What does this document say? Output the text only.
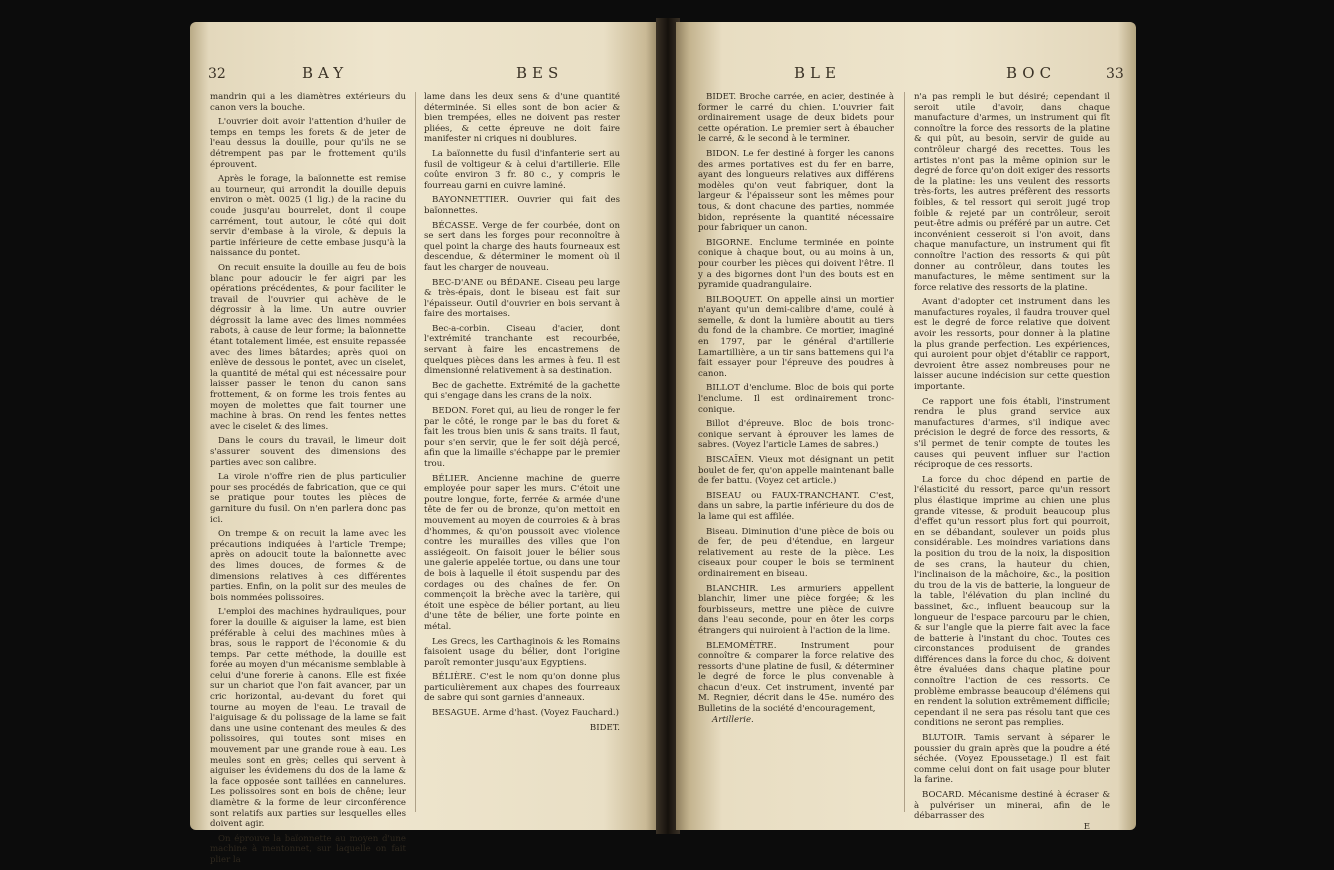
32	BAY	BES

mandrin qui a les diamètres extérieurs du canon vers la bouche.

L'ouvrier doit avoir l'attention d'huiler de temps en temps les forets & de jeter de l'eau dessus la douille, pour qu'ils ne se détrempent pas par le frottement qu'ils éprouvent.

Après le forage, la baïonnette est remise au tourneur, qui arrondit la douille depuis environ o mèt. 0025 (1 lig.) de la racine du coude jusqu'au bourrelet, dont il coupe carrément, tout autour, le côté qui doit servir d'embase à la virole, & depuis la partie inférieure de cette embase jusqu'à la naissance du pontet.

On recuit ensuite la douille au feu de bois blanc pour adoucir le fer aigri par les opérations précédentes, & pour faciliter le travail de l'ouvrier qui achève de le dégrossir à la lime. Un autre ouvrier dégrossit la lame avec des limes nommées rabots, à cause de leur forme; la baïonnette étant totalement limée, est ensuite repassée avec des limes bâtardes; après quoi on enlève de dessous le pontet, avec un ciselet, la quantité de métal qui est nécessaire pour laisser passer le tenon du canon sans frottement, & on forme les trois fentes au moyen de molettes que fait tourner une machine à bras. On rend les fentes nettes avec le ciselet & des limes.

Dans le cours du travail, le limeur doit s'assurer souvent des dimensions des parties avec son calibre.

La virole n'offre rien de plus particulier pour ses procédés de fabrication, que ce qui se pratique pour toutes les pièces de garniture du fusil. On n'en parlera donc pas ici.

On trempe & on recuit la lame avec les précautions indiquées à l'article Trempe; après on adoucit toute la baïonnette avec des limes douces, de formes & de dimensions relatives à ces différentes parties. Enfin, on la polit sur des meules de bois nommées polissoires.

L'emploi des machines hydrauliques, pour forer la douille & aiguiser la lame, est bien préférable à celui des machines mûes à bras, sous le rapport de l'économie & du temps. Par cette méthode, la douille est forée au moyen d'un mécanisme semblable à celui d'une forerie à canons. Elle est fixée sur un chariot que l'on fait avancer, par un cric horizontal, au-devant du foret qui tourne au moyen de l'eau. Le travail de l'aiguisage & du polissage de la lame se fait dans une usine contenant des meules & des polissoires, qui toutes sont mises en mouvement par une grande roue à eau. Les meules sont en grès; celles qui servent à aiguiser les évidemens du dos de la lame & la face opposée sont taillées en cannelures. Les polissoires sont en bois de chêne; leur diamètre & la forme de leur circonférence sont relatifs aux parties sur lesquelles elles doivent agir.

On éprouve la baïonnette au moyen d'une machine à mentonnet, sur laquelle on fait plier la

lame dans les deux sens & d'une quantité déterminée. Si elles sont de bon acier & bien trempées, elles ne doivent pas rester pliées, & cette épreuve ne doit faire manifester ni criques ni doublures.

La baïonnette du fusil d'infanterie sert au fusil de voltigeur & à celui d'artillerie. Elle coûte environ 3 fr. 80 c., y compris le fourreau garni en cuivre laminé.

BAYONNETTIER. Ouvrier qui fait des baïonnettes.

BÉCASSE. Verge de fer courbée, dont on se sert dans les forges pour reconnoître à quel point la charge des hauts fourneaux est descendue, & déterminer le moment où il faut les charger de nouveau.

BEC-D'ANE ou BÉDANE. Ciseau peu large & très-épais, dont le biseau est fait sur l'épaisseur. Outil d'ouvrier en bois servant à faire des mortaises.

Bec-a-corbin. Ciseau d'acier, dont l'extrémité tranchante est recourbée, servant à faire les encastremens de quelques pièces dans les armes à feu. Il est dimensionné relativement à sa destination.

Bec de gachette. Extrémité de la gachette qui s'engage dans les crans de la noix.

BEDON. Foret qui, au lieu de ronger le fer par le côté, le ronge par le bas du foret & fait les trous bien unis & sans traits. Il faut, pour s'en servir, que le fer soit déjà percé, afin que la limaille s'échappe par le premier trou.

BÉLIER. Ancienne machine de guerre employée pour saper les murs. C'étoit une poutre longue, forte, ferrée & armée d'une tête de fer ou de bronze, qu'on mettoit en mouvement au moyen de courroies & à bras d'hommes, & qu'on poussoit avec violence contre les murailles des villes que l'on assiégeoit. On faisoit jouer le bélier sous une galerie appelée tortue, ou dans une tour de bois à laquelle il étoit suspendu par des cordages ou des chaînes de fer. On commençoit la brèche avec la tarière, qui étoit une espèce de bélier portant, au lieu d'une tête de bélier, une forte pointe en métal.

Les Grecs, les Carthaginois & les Romains faisoient usage du bélier, dont l'origine paroît remonter jusqu'aux Egyptiens.

BÉLIÈRE. C'est le nom qu'on donne plus particulièrement aux chapes des fourreaux de sabre qui sont garnies d'anneaux.

BESAGUE. Arme d'hast. (Voyez Fauchard.)

BIDET.

BLE	BOC	33

BIDET. Broche carrée, en acier, destinée à former le carré du chien. L'ouvrier fait ordinairement usage de deux bidets pour cette opération. Le premier sert à ébaucher le carré, & le second à le terminer.

BIDON. Le fer destiné à forger les canons des armes portatives est du fer en barre, ayant des longueurs relatives aux différens modèles qu'on veut fabriquer, dont la largeur & l'épaisseur sont les mêmes pour tous, & dont chacune des parties, nommée bidon, représente la quantité nécessaire pour fabriquer un canon.

BIGORNE. Enclume terminée en pointe conique à chaque bout, ou au moins à un, pour courber les pièces qui doivent l'être. Il y a des bigornes dont l'un des bouts est en pyramide quadrangulaire.

BILBOQUET. On appelle ainsi un mortier n'ayant qu'un demi-calibre d'ame, coulé à semelle, & dont la lumière aboutit au tiers du fond de la chambre. Ce mortier, imaginé en 1797, par le général d'artillerie Lamartillière, a un tir sans battemens qui l'a fait essayer pour l'épreuve des poudres à canon.

BILLOT d'enclume. Bloc de bois qui porte l'enclume. Il est ordinairement tronc-conique.

Billot d'épreuve. Bloc de bois tronc-conique servant à éprouver les lames de sabres. (Voyez l'article Lames de sabres.)

BISCAÏEN. Vieux mot désignant un petit boulet de fer, qu'on appelle maintenant balle de fer battu. (Voyez cet article.)

BISEAU ou FAUX-TRANCHANT. C'est, dans un sabre, la partie inférieure du dos de la lame qui est affilée.

Biseau. Diminution d'une pièce de bois ou de fer, de peu d'étendue, en largeur relativement au reste de la pièce. Les ciseaux pour couper le bois se terminent ordinairement en biseau.

BLANCHIR. Les armuriers appellent blanchir, limer une pièce forgée; & les fourbisseurs, mettre une pièce de cuivre dans l'eau seconde, pour en ôter les corps étrangers qui nuiroient à l'action de la lime.

BLEMOMÈTRE. Instrument pour connoître & comparer la force relative des ressorts d'une platine de fusil, & déterminer le degré de force le plus convenable à chacun d'eux. Cet instrument, inventé par M. Regnier, décrit dans le 45e. numéro des Bulletins de la société d'encouragement,

Artillerie.

n'a pas rempli le but désiré; cependant il seroit utile d'avoir, dans chaque manufacture d'armes, un instrument qui fît connoître la force des ressorts de la platine & qui pût, au besoin, servir de guide au contrôleur chargé des recettes. Tous les artistes n'ont pas la même opinion sur le degré de force qu'on doit exiger des ressorts de la platine: les uns veulent des ressorts très-forts, les autres préfèrent des ressorts foibles, & tel ressort qui seroit jugé trop foible & rejeté par un contrôleur, seroit peut-être admis ou préféré par un autre. Cet inconvénient cesseroit si l'on avoit, dans chaque manufacture, un instrument qui fît connoître l'action des ressorts & qui pût donner au contrôleur, dans toutes les manufactures, le même sentiment sur la force relative des ressorts de la platine.

Avant d'adopter cet instrument dans les manufactures royales, il faudra trouver quel est le degré de force relative que doivent avoir les ressorts, pour donner à la platine la plus grande perfection. Les expériences, qui auroient pour objet d'établir ce rapport, devroient être assez nombreuses pour ne laisser aucune indécision sur cette question importante.

Ce rapport une fois établi, l'instrument rendra le plus grand service aux manufactures d'armes, s'il indique avec précision le degré de force des ressorts, & s'il permet de tenir compte de toutes les causes qui peuvent influer sur l'action réciproque de ces ressorts.

La force du choc dépend en partie de l'élasticité du ressort, parce qu'un ressort plus élastique imprime au chien une plus grande vitesse, & produit beaucoup plus d'effet qu'un ressort plus fort qui pourroit, en se débandant, soulever un poids plus considérable. Les moindres variations dans la position du trou de la noix, la disposition de ses crans, la hauteur du chien, l'inclinaison de la mâchoire, &c., la position du trou de la vis de batterie, la longueur de la table, l'élévation du plan incliné du bassinet, &c., influent beaucoup sur la longueur de l'espace parcouru par le chien, & sur l'angle que la pierre fait avec la face de batterie à l'instant du choc. Toutes ces circonstances produisent de grandes différences dans la force du choc, & doivent être évaluées dans chaque platine pour connoître l'action de ces ressorts. Ce problème embrasse beaucoup d'élémens qui en rendent la solution extrêmement difficile; cependant il ne sera pas résolu tant que ces conditions ne seront pas remplies.

BLUTOIR. Tamis servant à séparer le poussier du grain après que la poudre a été séchée. (Voyez Epoussetage.) Il est fait comme celui dont on fait usage pour bluter la farine.

BOCARD. Mécanisme destiné à écraser & à pulvériser un minerai, afin de le débarrasser des

E
